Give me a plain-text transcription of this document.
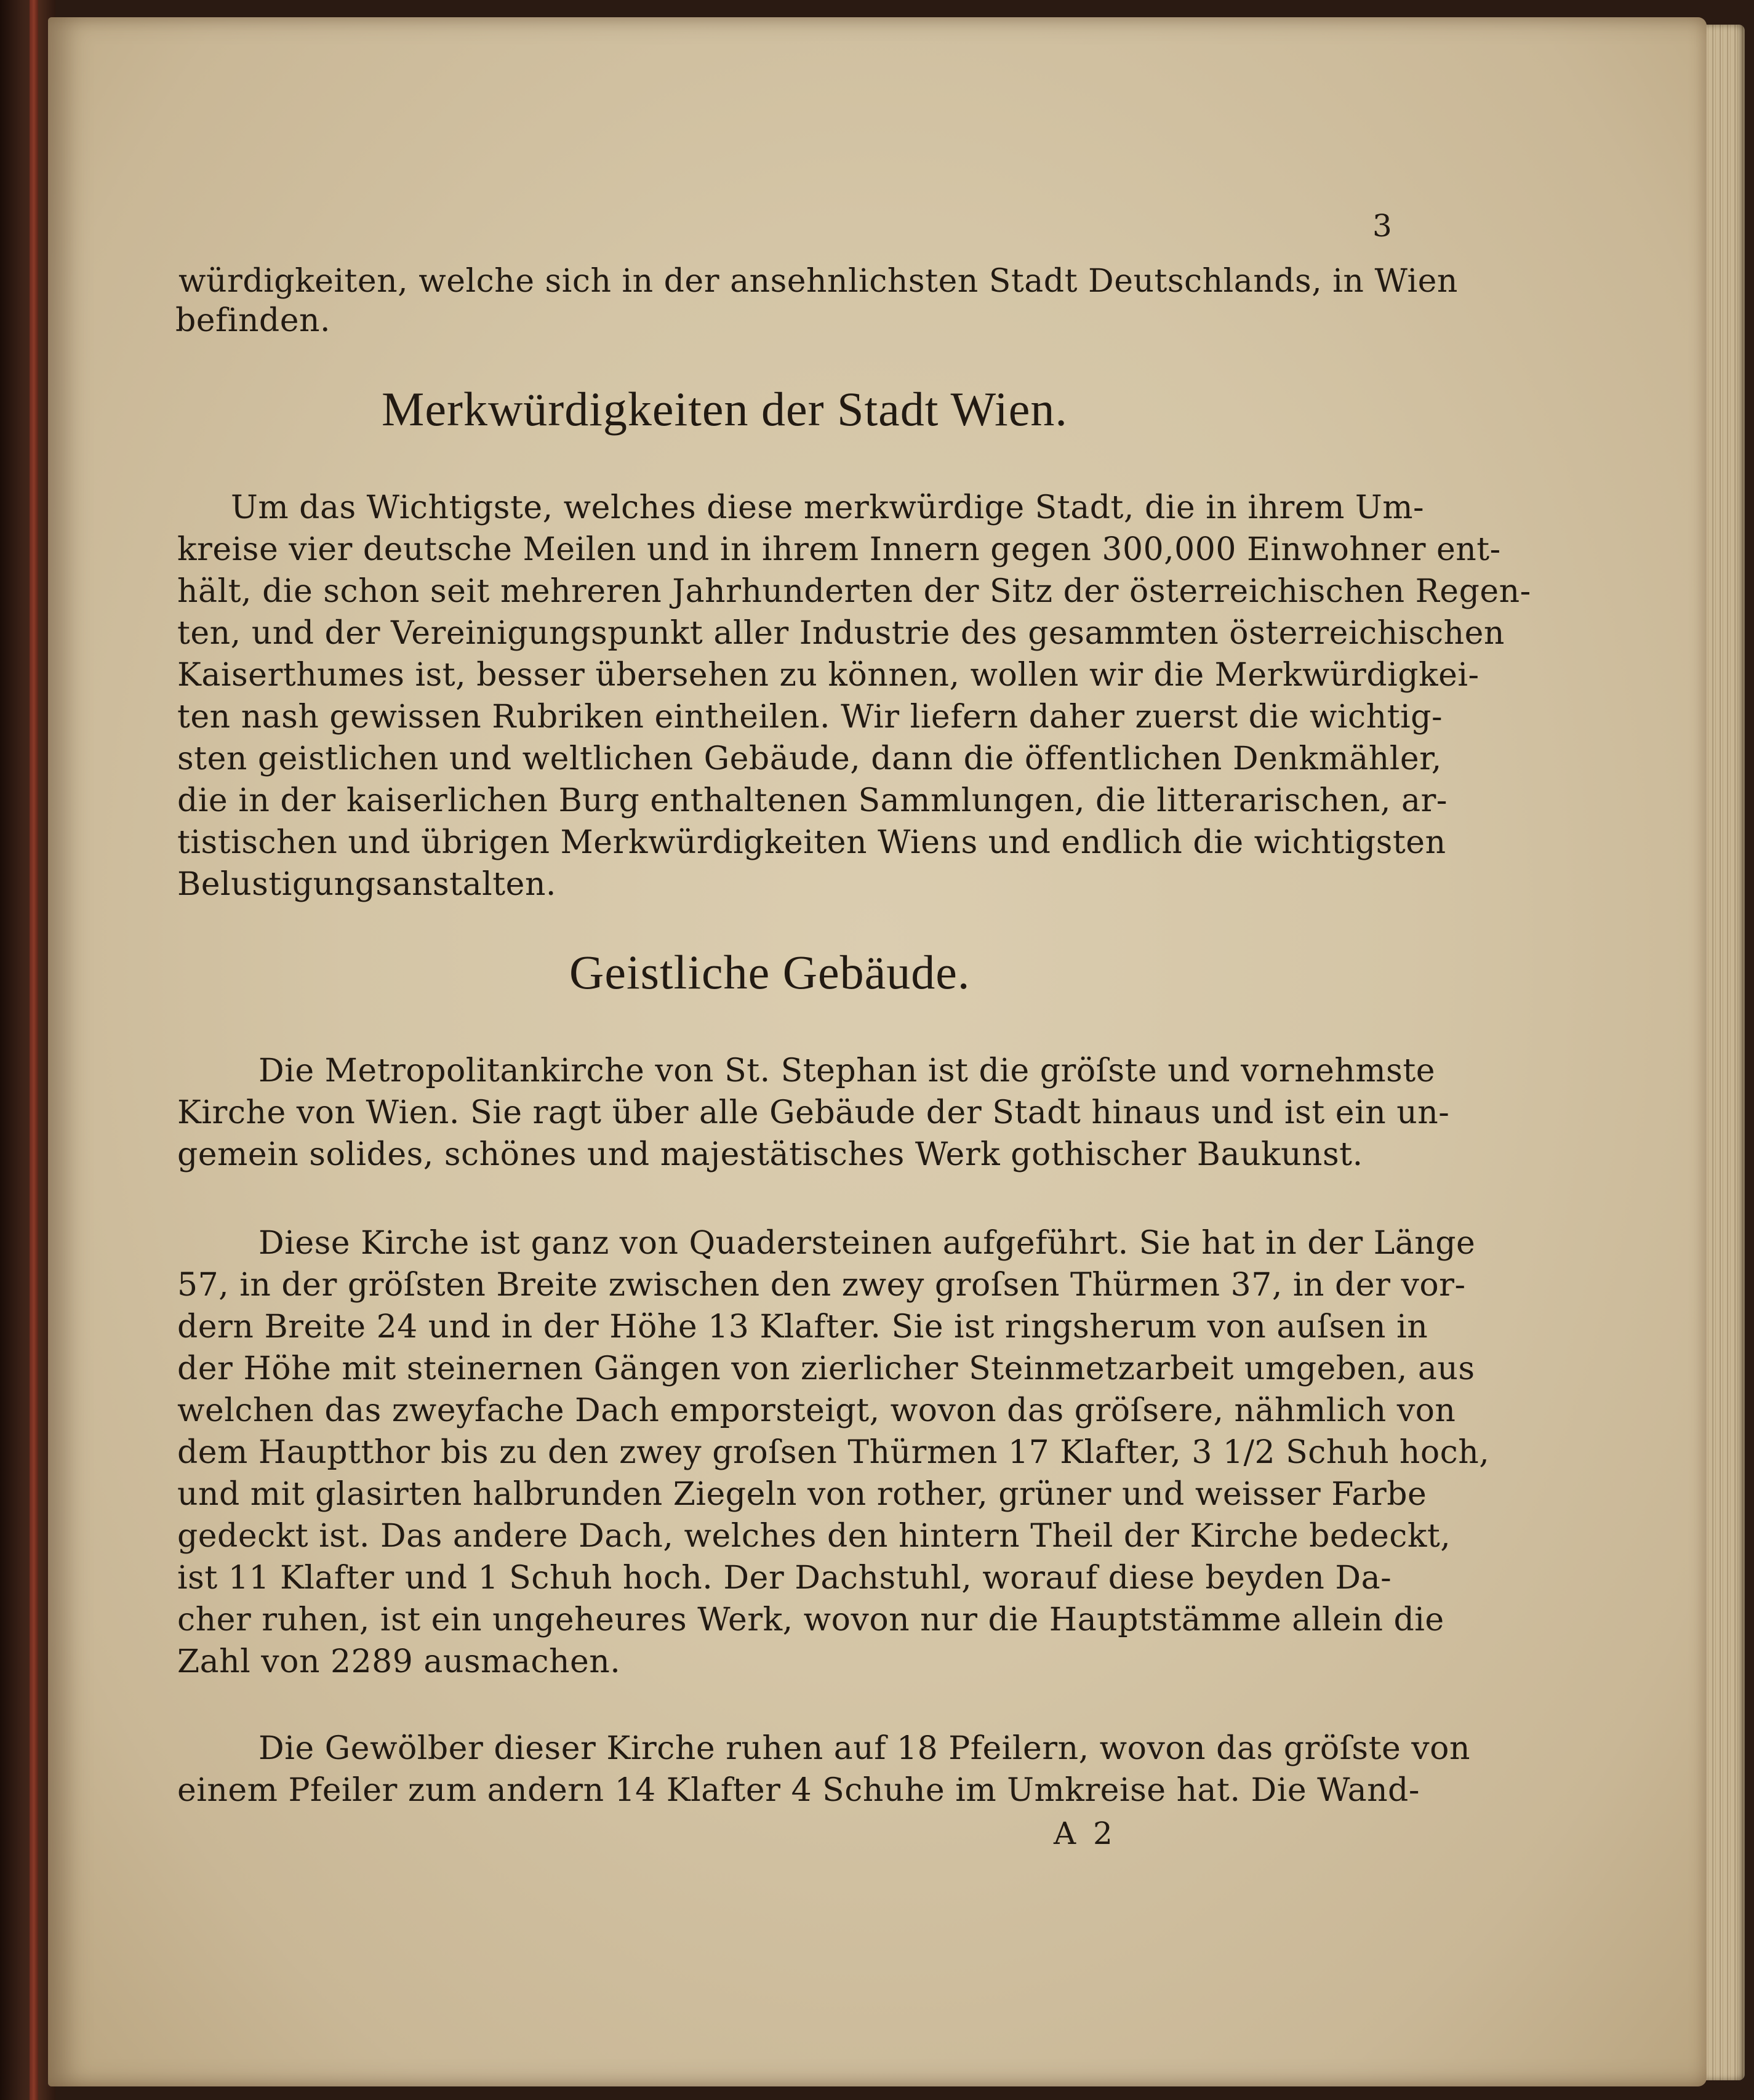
3
würdigkeiten, welche sich in der ansehnlichsten Stadt Deutschlands, in Wien
befinden.
Merkwürdigkeiten der Stadt Wien.
Um das Wichtigste, welches diese merkwürdige Stadt, die in ihrem Um-
kreise vier deutsche Meilen und in ihrem Innern gegen 300,000 Einwohner ent-
hält, die schon seit mehreren Jahrhunderten der Sitz der österreichischen Regen-
ten, und der Vereinigungspunkt aller Industrie des gesammten österreichischen
Kaiserthumes ist, besser übersehen zu können, wollen wir die Merkwürdigkei-
ten nash gewissen Rubriken eintheilen. Wir liefern daher zuerst die wichtig-
sten geistlichen und weltlichen Gebäude, dann die öffentlichen Denkmähler,
die in der kaiserlichen Burg enthaltenen Sammlungen, die litterarischen, ar-
tistischen und übrigen Merkwürdigkeiten Wiens und endlich die wichtigsten
Belustigungsanstalten.
Geistliche Gebäude.
Die Metropolitankirche von St. Stephan ist die gröſste und vornehmste
Kirche von Wien. Sie ragt über alle Gebäude der Stadt hinaus und ist ein un-
gemein solides, schönes und majestätisches Werk gothischer Baukunst.
Diese Kirche ist ganz von Quadersteinen aufgeführt. Sie hat in der Länge
57, in der gröſsten Breite zwischen den zwey groſsen Thürmen 37, in der vor-
dern Breite 24 und in der Höhe 13 Klafter. Sie ist ringsherum von auſsen in
der Höhe mit steinernen Gängen von zierlicher Steinmetzarbeit umgeben, aus
welchen das zweyfache Dach emporsteigt, wovon das gröſsere, nähmlich von
dem Hauptthor bis zu den zwey groſsen Thürmen 17 Klafter, 3 1/2 Schuh hoch,
und mit glasirten halbrunden Ziegeln von rother, grüner und weisser Farbe
gedeckt ist. Das andere Dach, welches den hintern Theil der Kirche bedeckt,
ist 11 Klafter und 1 Schuh hoch. Der Dachstuhl, worauf diese beyden Da-
cher ruhen, ist ein ungeheures Werk, wovon nur die Hauptstämme allein die
Zahl von 2289 ausmachen.
Die Gewölber dieser Kirche ruhen auf 18 Pfeilern, wovon das gröſste von
einem Pfeiler zum andern 14 Klafter 4 Schuhe im Umkreise hat. Die Wand-
A 2
